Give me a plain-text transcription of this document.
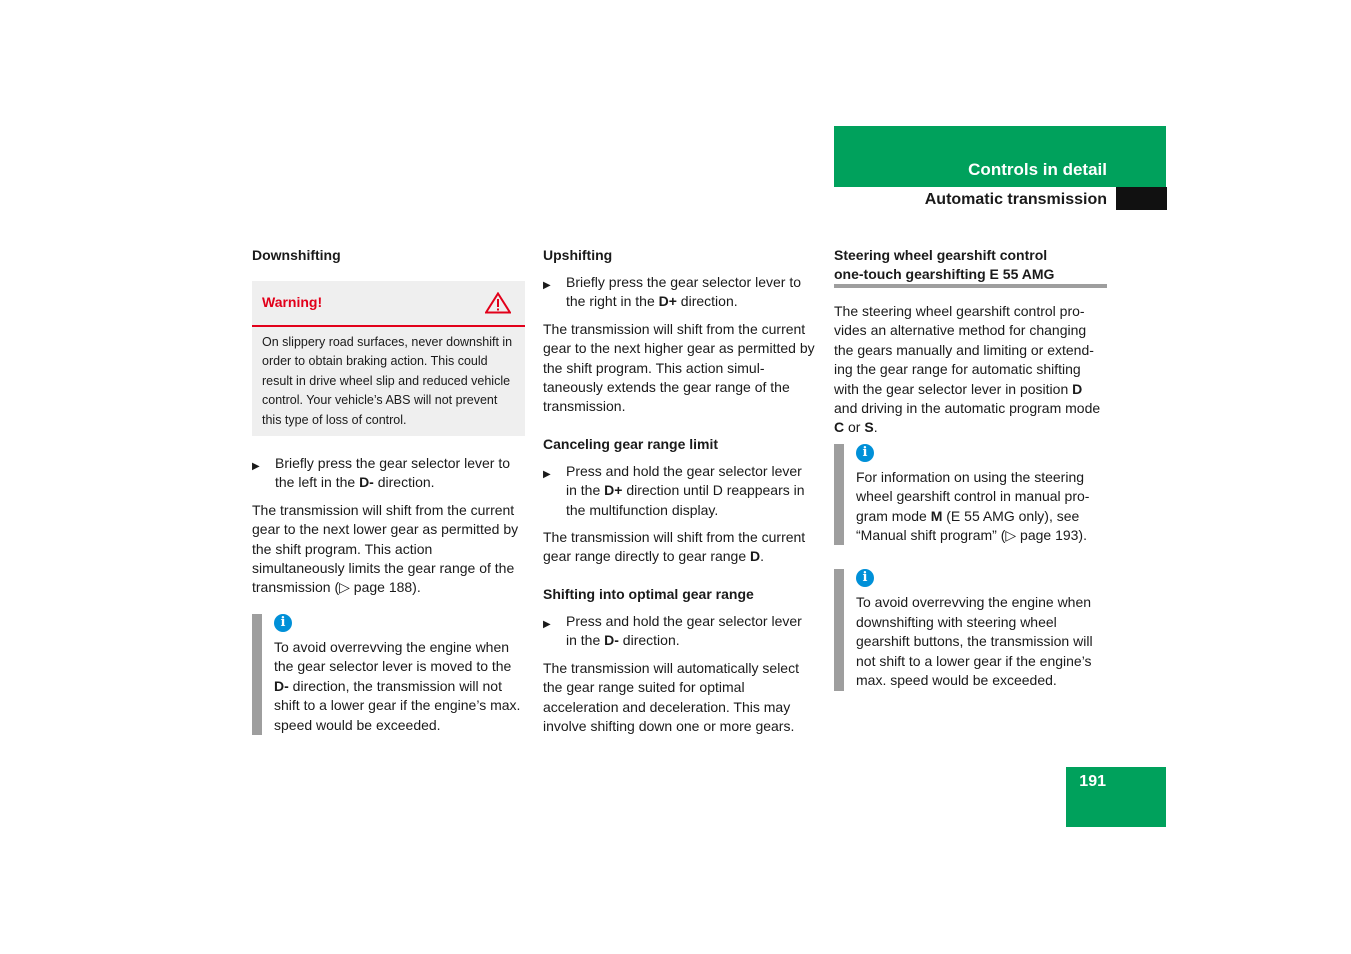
Controls in detail
Automatic transmission
Downshifting
Warning!
On slippery road surfaces, never downshift in order to obtain braking action. This could result in drive wheel slip and reduced vehicle control. Your vehicle’s ABS will not prevent this type of loss of control.
▶	Briefly press the gear selector lever to the left in the D- direction.

The transmission will shift from the current gear to the next lower gear as permitted by the shift program. This action simultaneously limits the gear range of the transmission (▷ page 188).

i
To avoid overrevving the engine when the gear selector lever is moved to the D- direction, the transmission will not shift to a lower gear if the engine’s max. speed would be exceeded.
Upshifting
▶	Briefly press the gear selector lever to the right in the D+ direction.

The transmission will shift from the current gear to the next higher gear as permitted by the shift program. This action simul-taneously extends the gear range of the transmission.

Canceling gear range limit
▶	Press and hold the gear selector lever in the D+ direction until D reappears in the multifunction display.

The transmission will shift from the current gear range directly to gear range D.

Shifting into optimal gear range
▶	Press and hold the gear selector lever in the D- direction.

The transmission will automatically select the gear range suited for optimal acceleration and deceleration. This may involve shifting down one or more gears.

Steering wheel gearshift control
one-touch gearshifting E 55 AMG

The steering wheel gearshift control pro-vides an alternative method for changing the gears manually and limiting or extend-ing the gear range for automatic shifting with the gear selector lever in position D and driving in the automatic program mode C or S.

i
For information on using the steering wheel gearshift control in manual pro-gram mode M (E 55 AMG only), see “Manual shift program” (▷ page 193).
i
To avoid overrevving the engine when downshifting with steering wheel gearshift buttons, the transmission will not shift to a lower gear if the engine’s max. speed would be exceeded.
191
